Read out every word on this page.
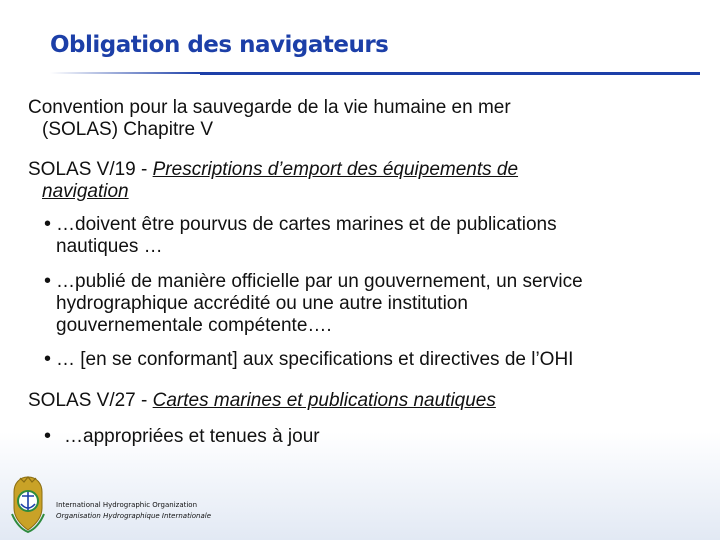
Obligation des navigateurs

Convention pour la sauvegarde de la vie humaine en mer
(SOLAS) Chapitre V

SOLAS V/19 - Prescriptions d’emport des équipements de
navigation

• …doivent être pourvus de cartes marines et de publications
nautiques …
• …publié de manière officielle par un gouvernement, un service
hydrographique accrédité ou une autre institution
gouvernementale compétente….
• … [en se conformant] aux specifications et directives de l’OHI

SOLAS V/27 - Cartes marines et publications nautiques

• …appropriées et tenues à jour
International Hydrographic Organization
Organisation Hydrographique Internationale
